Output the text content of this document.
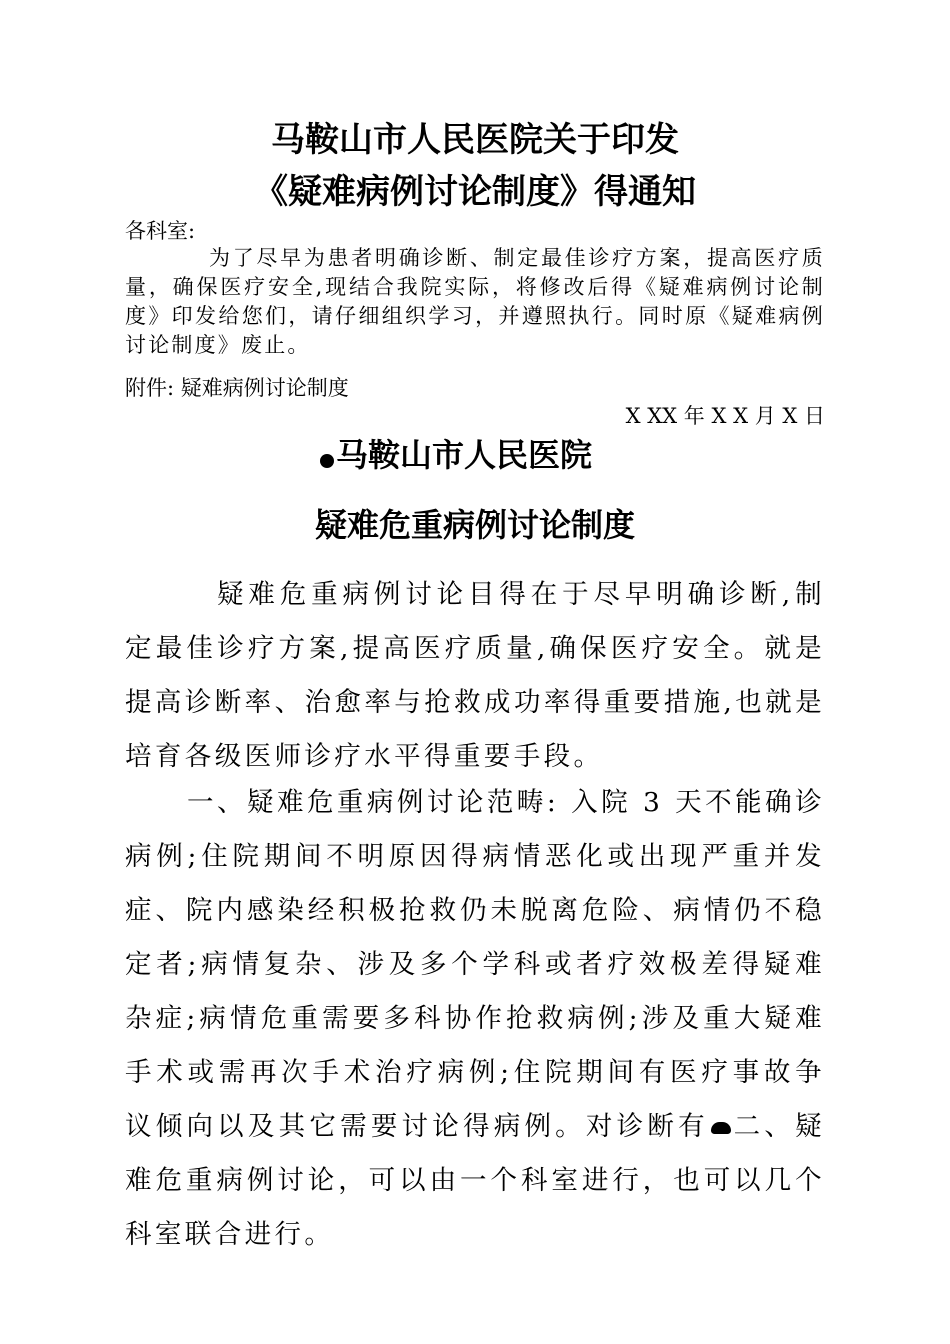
马鞍山市人民医院关于印发
《疑难病例讨论制度》得通知
各科室:
为了尽早为患者明确诊断、制定最佳诊疗方案，提高医疗质量，确保医疗安全,现结合我院实际，将修改后得《疑难病例讨论制度》印发给您们，请仔细组织学习，并遵照执行。同时原《疑难病例讨论制度》废止。
附件: 疑难病例讨论制度
X XX 年 X X 月 X 日
马鞍山市人民医院
疑难危重病例讨论制度
疑难危重病例讨论目得在于尽早明确诊断,制定最佳诊疗方案,提高医疗质量,确保医疗安全。就是提高诊断率、治愈率与抢救成功率得重要措施,也就是培育各级医师诊疗水平得重要手段。
一、疑难危重病例讨论范畴: 入院 3 天不能确诊病例;住院期间不明原因得病情恶化或出现严重并发症、院内感染经积极抢救仍未脱离危险、病情仍不稳定者;病情复杂、涉及多个学科或者疗效极差得疑难杂症;病情危重需要多科协作抢救病例;涉及重大疑难手术或需再次手术治疗病例;住院期间有医疗事故争议倾向以及其它需要讨论得病例。对诊断有 二、疑难危重病例讨论，可以由一个科室进行，也可以几个科室联合进行。
